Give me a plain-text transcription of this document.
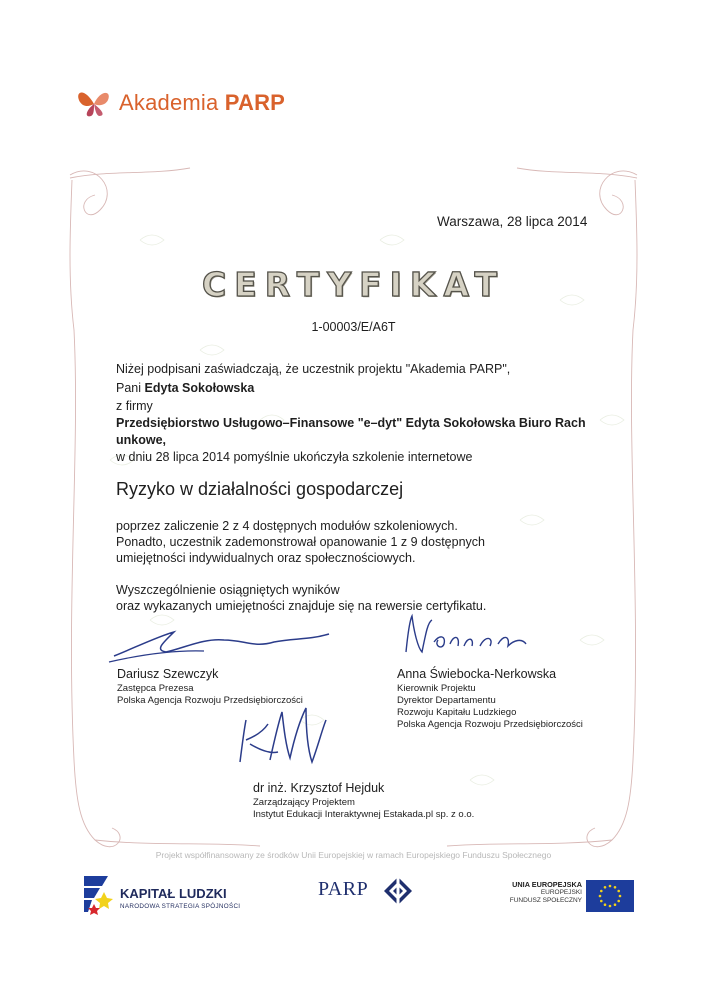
Akademia PARP
Warszawa, 28 lipca 2014
CERTYFIKAT
1-00003/E/A6T
Niżej podpisani zaświadczają, że uczestnik projektu "Akademia PARP",
Pani Edyta Sokołowska
z firmy
Przedsiębiorstwo Usługowo–Finansowe "e–dyt" Edyta Sokołowska Biuro Rach
unkowe,
w dniu 28 lipca 2014 pomyślnie ukończyła szkolenie internetowe
Ryzyko w działalności gospodarczej
poprzez zaliczenie 2 z 4 dostępnych modułów szkoleniowych.
Ponadto, uczestnik zademonstrował opanowanie 1 z 9 dostępnych
umiejętności indywidualnych oraz społecznościowych.
Wyszczególnienie osiągniętych wyników
oraz wykazanych umiejętności znajduje się na rewersie certyfikatu.
Dariusz Szewczyk
Zastępca Prezesa
Polska Agencja Rozwoju Przedsiębiorczości
Anna Świebocka-Nerkowska
Kierownik Projektu
Dyrektor Departamentu
Rozwoju Kapitału Ludzkiego
Polska Agencja Rozwoju Przedsiębiorczości
dr inż. Krzysztof Hejduk
Zarządzający Projektem
Instytut Edukacji Interaktywnej Estakada.pl sp. z o.o.
Projekt współfinansowany ze środków Unii Europejskiej w ramach Europejskiego Funduszu Społecznego
KAPITAŁ LUDZKI
NARODOWA STRATEGIA SPÓJNOŚCI
PARP	UNIA EUROPEJSKA
EUROPEJSKI
FUNDUSZ SPOŁECZNY
